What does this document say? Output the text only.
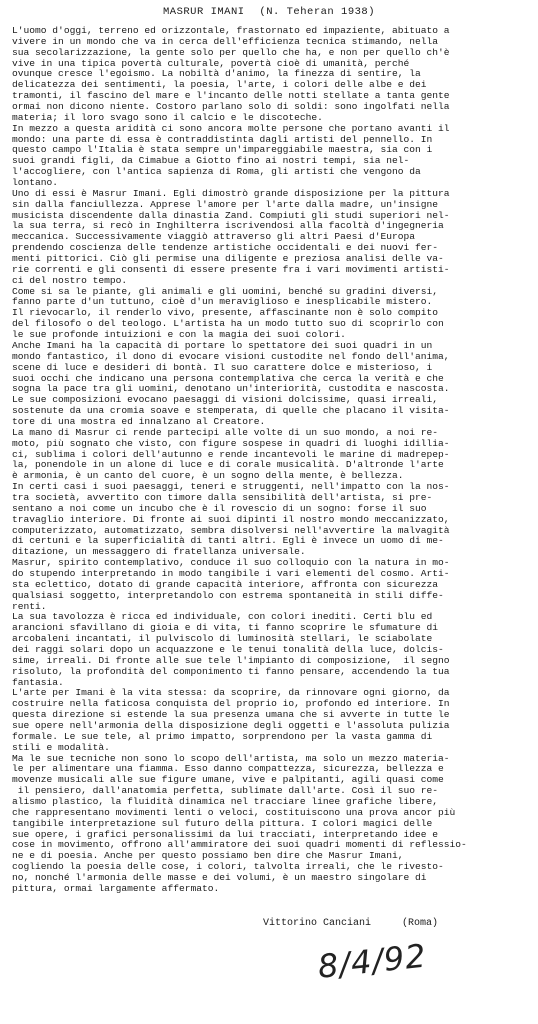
MASRUR IMANI (N. Teheran 1938)
L'uomo d'oggi, terreno ed orizzontale, frastornato ed impaziente, abituato a
vivere in un mondo che va in cerca dell'efficienza tecnica stimando, nella
sua secolarizzazione, la gente solo per quello che ha, e non per quello ch'è
vive in una tipica povertà culturale, povertà cioè di umanità, perché
ovunque cresce l'egoismo. La nobiltà d'animo, la finezza di sentire, la
delicatezza dei sentimenti, la poesia, l'arte, i colori delle albe e dei
tramonti, il fascino del mare e l'incanto delle notti stellate a tanta gente
ormai non dicono niente. Costoro parlano solo di soldi: sono ingolfati nella
materia; il loro svago sono il calcio e le discoteche.
In mezzo a questa aridità ci sono ancora molte persone che portano avanti il
mondo: una parte di essa è contraddistinta dagli artisti del pennello. In
questo campo l'Italia è stata sempre un'impareggiabile maestra, sia con i
suoi grandi figli, da Cimabue a Giotto fino ai nostri tempi, sia nel-
l'accogliere, con l'antica sapienza di Roma, gli artisti che vengono da
lontano.
Uno di essi è Masrur Imani. Egli dimostrò grande disposizione per la pittura
sin dalla fanciullezza. Apprese l'amore per l'arte dalla madre, un'insigne
musicista discendente dalla dinastia Zand. Compiuti gli studi superiori nel-
la sua terra, si recò in Inghilterra iscrivendosi alla facoltà d'ingegneria
meccanica. Successivamente viaggiò attraverso gli altri Paesi d'Europa
prendendo coscienza delle tendenze artistiche occidentali e dei nuovi fer-
menti pittorici. Ciò gli permise una diligente e preziosa analisi delle va-
rie correnti e gli consentì di essere presente fra i vari movimenti artisti-
ci del nostro tempo.
Come si sa le piante, gli animali e gli uomini, benché su gradini diversi,
fanno parte d'un tuttuno, cioè d'un meraviglioso e inesplicabile mistero.
Il rievocarlo, il renderlo vivo, presente, affascinante non è solo compito
del filosofo o del teologo. L'artista ha un modo tutto suo di scoprirlo con
le sue profonde intuizioni e con la magia dei suoi colori.
Anche Imani ha la capacità di portare lo spettatore dei suoi quadri in un
mondo fantastico, il dono di evocare visioni custodite nel fondo dell'anima,
scene di luce e desideri di bontà. Il suo carattere dolce e misterioso, i
suoi occhi che indicano una persona contemplativa che cerca la verità e che
sogna la pace tra gli uomini, denotano un'interiorità, custodita e nascosta.
Le sue composizioni evocano paesaggi di visioni dolcissime, quasi irreali,
sostenute da una cromia soave e stemperata, di quelle che placano il visita-
tore di una mostra ed innalzano al Creatore.
La mano di Masrur ci rende partecipi alle volte di un suo mondo, a noi re-
moto, più sognato che visto, con figure sospese in quadri di luoghi idillia-
ci, sublima i colori dell'autunno e rende incantevoli le marine di madrepер-
la, ponendole in un alone di luce e di corale musicalità. D'altronde l'arte
è armonia, è un canto del cuore, è un sogno della mente, è bellezza.
In certi casi i suoi paesaggi, teneri e struggenti, nell'impatto con la nos-
tra società, avvertito con timore dalla sensibilità dell'artista, si pre-
sentano a noi come un incubo che è il rovescio di un sogno: forse il suo
travaglio interiore. Di fronte ai suoi dipinti il nostro mondo meccanizzato,
computerizzato, automatizzato, sembra disolversi nell'avvertire la malvagità
di certuni e la superficialità di tanti altri. Egli è invece un uomo di me-
ditazione, un messaggero di fratellanza universale.
Masrur, spirito contemplativo, conduce il suo colloquio con la natura in mo-
do stupendo interpretando in modo tangibile i vari elementi del cosmo. Arti-
sta eclettico, dotato di grande capacità interiore, affronta con sicurezza
qualsiasi soggetto, interpretandolo con estrema spontaneità in stili diffe-
renti.
La sua tavolozza è ricca ed individuale, con colori inediti. Certi blu ed
arancioni sfavillano di gioia e di vita, ti fanno scoprire le sfumature di
arcobaleni incantati, il pulviscolo di luminosità stellari, le sciabolate
dei raggi solari dopo un acquazzone e le tenui tonalità della luce, dolcis-
sime, irreali. Di fronte alle sue tele l'impianto di composizione,  il segno
risoluto, la profondità del componimento ti fanno pensare, accendendo la tua
fantasia.
L'arte per Imani è la vita stessa: da scoprire, da rinnovare ogni giorno, da
costruire nella faticosa conquista del proprio io, profondo ed interiore. In
questa direzione si estende la sua presenza umana che si avverte in tutte le
sue opere nell'armonia della disposizione degli oggetti e l'assoluta pulizia
formale. Le sue tele, al primo impatto, sorprendono per la vasta gamma di
stili e modalità.
Ma le sue tecniche non sono lo scopo dell'artista, ma solo un mezzo materia-
le per alimentare una fiamma. Esso danno compattezza, sicurezza, bellezza e
movenze musicali alle sue figure umane, vive e palpitanti, agili quasi come
il pensiero, dall'anatomia perfetta, sublimate dall'arte. Così il suo re-
alismo plastico, la fluidità dinamica nel tracciare linee grafiche libere,
che rappresentano movimenti lenti o veloci, costituiscono una prova ancor più
tangibile interpretazione sul futuro della pittura. I colori magici delle
sue opere, i grafici personalissimi da lui tracciati, interpretando idee e
cose in movimento, offrono all'ammiratore dei suoi quadri momenti di reflessio-
ne e di poesia. Anche per questo possiamo ben dire che Masrur Imani,
cogliendo la poesia delle cose, i colori, talvolta irreali, che le rivesto-
no, nonché l'armonia delle masse e dei volumi, è un maestro singolare di
pittura, ormai largamente affermato.
Vittorino Canciani	(Roma)
8/4/92
